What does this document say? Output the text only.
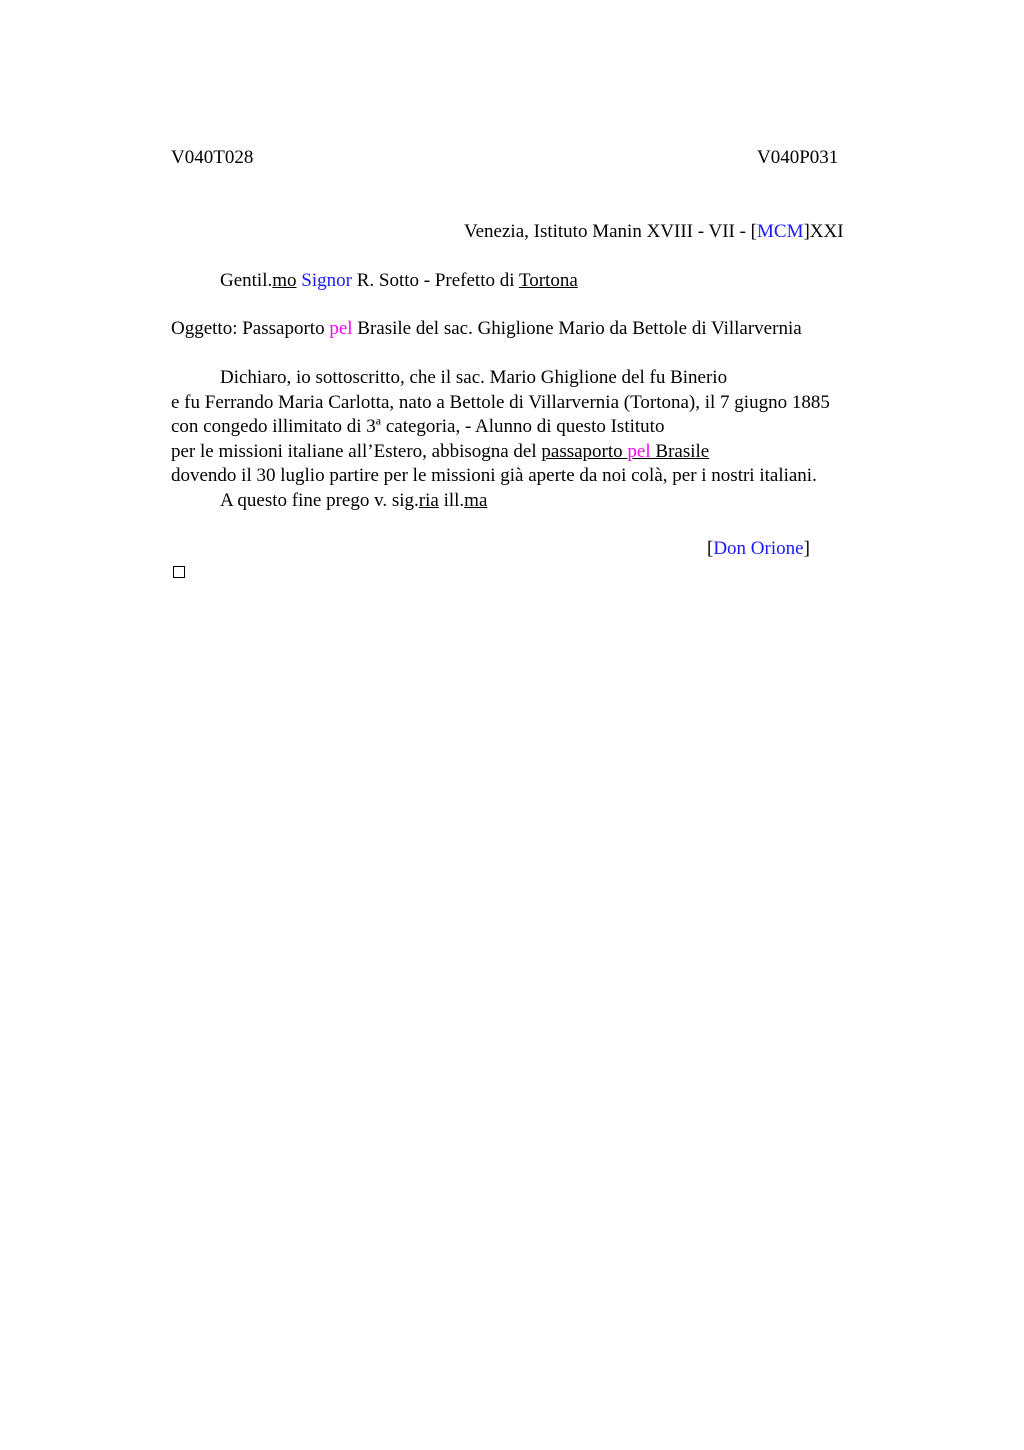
V040T028	V040P031
Venezia, Istituto Manin XVIII - VII - [MCM]XXI
Gentil.mo Signor R. Sotto - Prefetto di Tortona
Oggetto: Passaporto pel Brasile del sac. Ghiglione Mario da Bettole di Villarvernia
Dichiaro, io sottoscritto, che il sac. Mario Ghiglione del fu Binerio
e fu Ferrando Maria Carlotta, nato a Bettole di Villarvernia (Tortona), il 7 giugno 1885
con congedo illimitato di 3$^a$ categoria, - Alunno di questo Istituto
per le missioni italiane all’Estero, abbisogna del passaporto pel Brasile
dovendo il 30 luglio partire per le missioni già aperte da noi colà, per i nostri italiani.
A questo fine prego v. sig.ria ill.ma
[Don Orione]
